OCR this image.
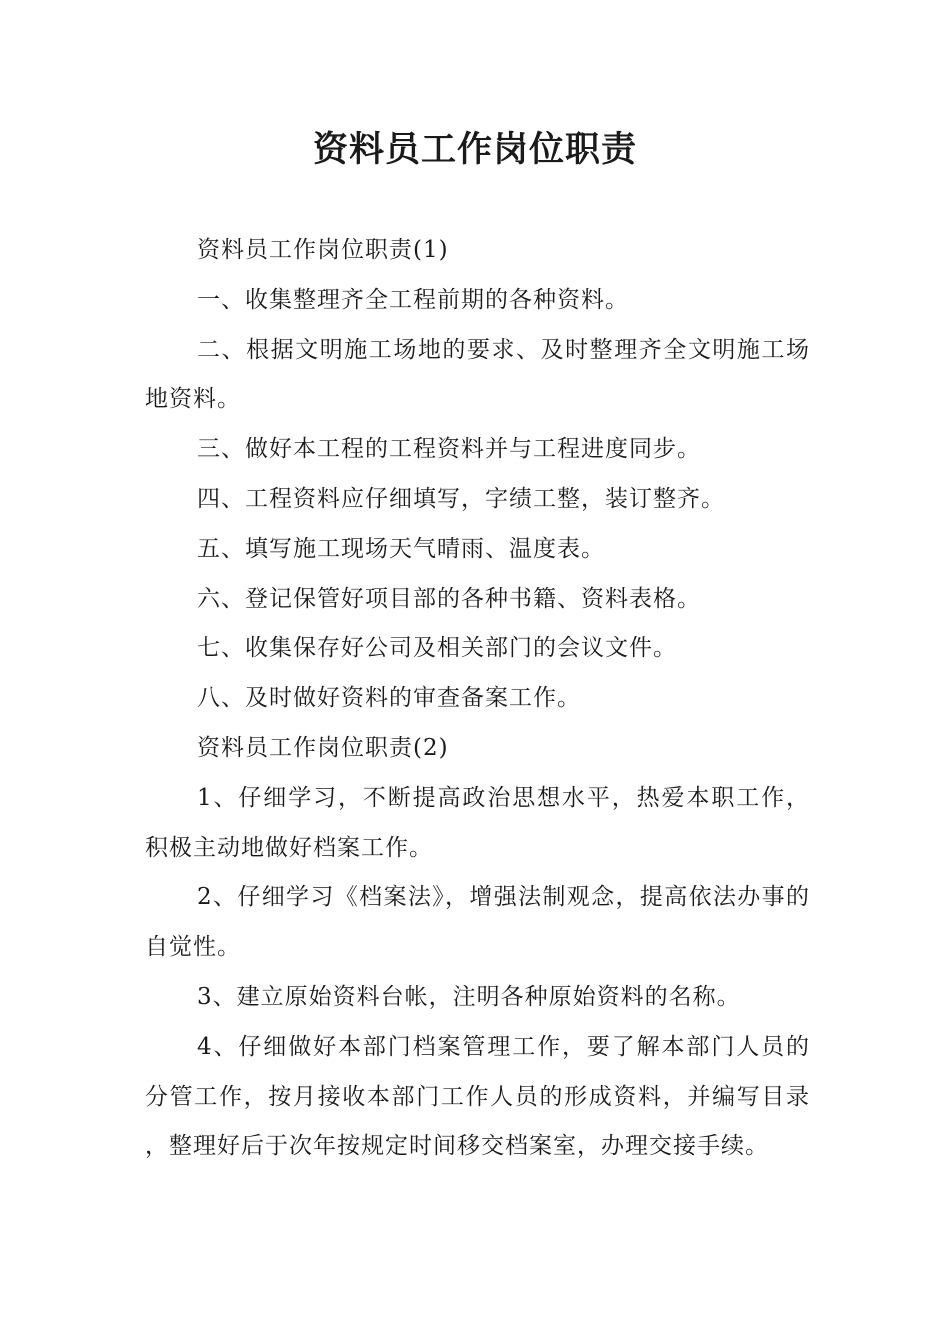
资料员工作岗位职责

资料员工作岗位职责(1)

一、收集整理齐全工程前期的各种资料。

二、根据文明施工场地的要求、及时整理齐全文明施工场地资料。

三、做好本工程的工程资料并与工程进度同步。

四、工程资料应仔细填写，字绩工整，装订整齐。

五、填写施工现场天气晴雨、温度表。

六、登记保管好项目部的各种书籍、资料表格。

七、收集保存好公司及相关部门的会议文件。

八、及时做好资料的审查备案工作。

资料员工作岗位职责(2)

1、仔细学习，不断提高政治思想水平，热爱本职工作，积极主动地做好档案工作。

2、仔细学习《档案法》，增强法制观念，提高依法办事的自觉性。

3、建立原始资料台帐，注明各种原始资料的名称。

4、仔细做好本部门档案管理工作，要了解本部门人员的分管工作，按月接收本部门工作人员的形成资料，并编写目录，整理好后于次年按规定时间移交档案室，办理交接手续。
